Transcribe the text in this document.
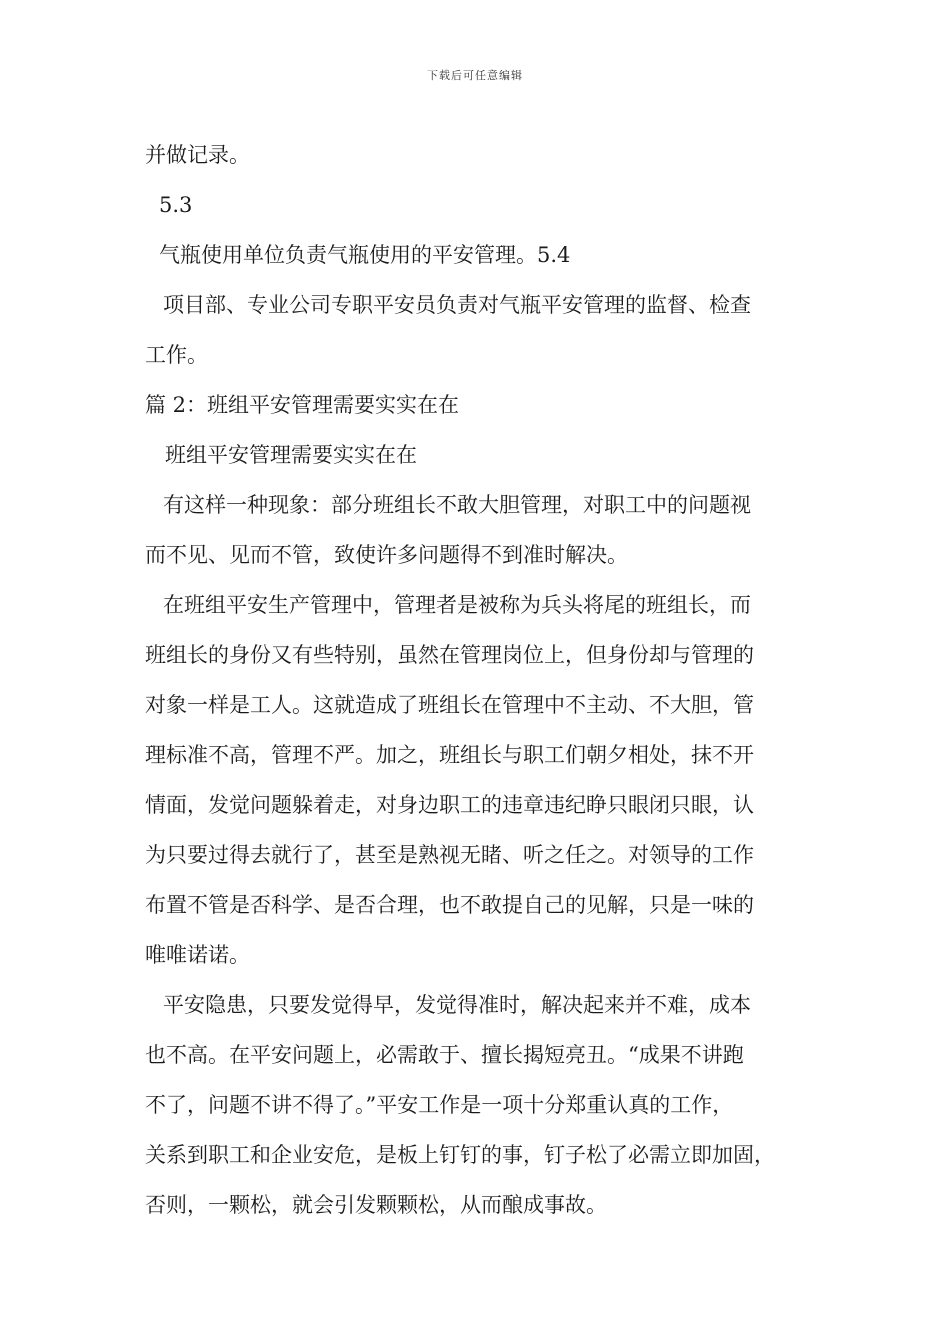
下载后可任意编辑
并做记录。
5.3
气瓶使用单位负责气瓶使用的平安管理。5.4
项目部、专业公司专职平安员负责对气瓶平安管理的监督、检查
工作。
篇 2：班组平安管理需要实实在在
班组平安管理需要实实在在
有这样一种现象：部分班组长不敢大胆管理，对职工中的问题视
而不见、见而不管，致使许多问题得不到准时解决。
在班组平安生产管理中，管理者是被称为兵头将尾的班组长，而
班组长的身份又有些特别，虽然在管理岗位上，但身份却与管理的
对象一样是工人。这就造成了班组长在管理中不主动、不大胆，管
理标准不高，管理不严。加之，班组长与职工们朝夕相处，抹不开
情面，发觉问题躲着走，对身边职工的违章违纪睁只眼闭只眼，认
为只要过得去就行了，甚至是熟视无睹、听之任之。对领导的工作
布置不管是否科学、是否合理，也不敢提自己的见解，只是一味的
唯唯诺诺。
平安隐患，只要发觉得早，发觉得准时，解决起来并不难，成本
也不高。在平安问题上，必需敢于、擅长揭短亮丑。“成果不讲跑
不了，问题不讲不得了。”平安工作是一项十分郑重认真的工作，
关系到职工和企业安危，是板上钉钉的事，钉子松了必需立即加固，
否则，一颗松，就会引发颗颗松，从而酿成事故。
